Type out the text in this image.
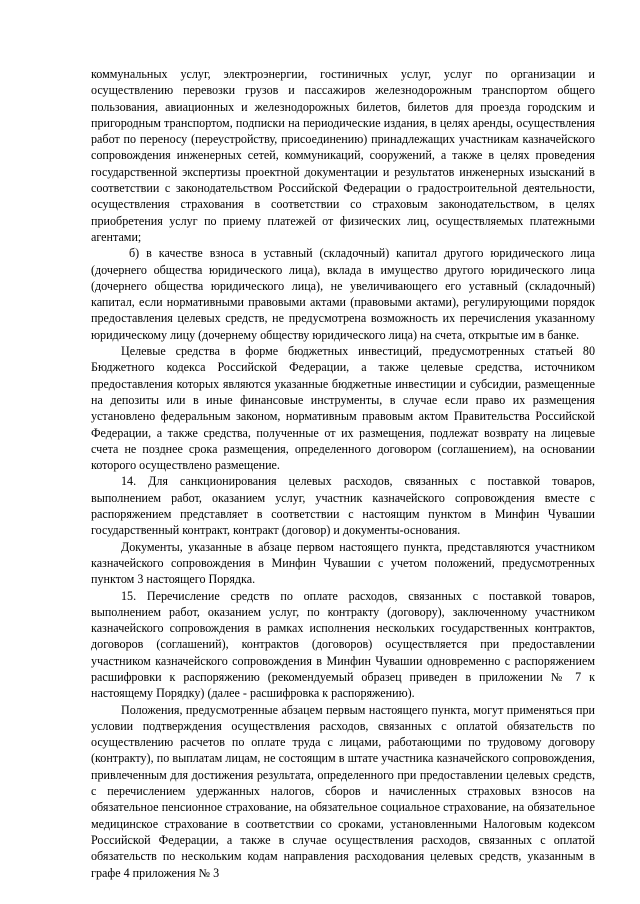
коммунальных услуг, электроэнергии, гостиничных услуг, услуг по организации и осуществлению перевозки грузов и пассажиров железнодорожным транспортом общего пользования, авиационных и железнодорожных билетов, билетов для проезда городским и пригородным транспортом, подписки на периодические издания, в целях аренды, осуществления работ по переносу (переустройству, присоединению) принадлежащих участникам казначейского сопровождения инженерных сетей, коммуникаций, сооружений, а также в целях проведения государственной экспертизы проектной документации и результатов инженерных изысканий в соответствии с законодательством Российской Федерации о градостроительной деятельности, осуществления страхования в соответствии со страховым законодательством, в целях приобретения услуг по приему платежей от физических лиц, осуществляемых платежными агентами;

б) в качестве взноса в уставный (складочный) капитал другого юридического лица (дочернего общества юридического лица), вклада в имущество другого юридического лица (дочернего общества юридического лица), не увеличивающего его уставный (складочный) капитал, если нормативными правовыми актами (правовыми актами), регулирующими порядок предоставления целевых средств, не предусмотрена возможность их перечисления указанному юридическому лицу (дочернему обществу юридического лица) на счета, открытые им в банке.

Целевые средства в форме бюджетных инвестиций, предусмотренных статьей 80 Бюджетного кодекса Российской Федерации, а также целевые средства, источником предоставления которых являются указанные бюджетные инвестиции и субсидии, размещенные на депозиты или в иные финансовые инструменты, в случае если право их размещения установлено федеральным законом, нормативным правовым актом Правительства Российской Федерации, а также средства, полученные от их размещения, подлежат возврату на лицевые счета не позднее срока размещения, определенного договором (соглашением), на основании которого осуществлено размещение.

14. Для санкционирования целевых расходов, связанных с поставкой товаров, выполнением работ, оказанием услуг, участник казначейского сопровождения вместе с распоряжением представляет в соответствии с настоящим пунктом в Минфин Чувашии государственный контракт, контракт (договор) и документы-основания.

Документы, указанные в абзаце первом настоящего пункта, представляются участником казначейского сопровождения в Минфин Чувашии с учетом положений, предусмотренных пунктом 3 настоящего Порядка.

15. Перечисление средств по оплате расходов, связанных с поставкой товаров, выполнением работ, оказанием услуг, по контракту (договору), заключенному участником казначейского сопровождения в рамках исполнения нескольких государственных контрактов, договоров (соглашений), контрактов (договоров) осуществляется при предоставлении участником казначейского сопровождения в Минфин Чувашии одновременно с распоряжением расшифровки к распоряжению (рекомендуемый образец приведен в приложении № 7 к настоящему Порядку) (далее - расшифровка к распоряжению).

Положения, предусмотренные абзацем первым настоящего пункта, могут применяться при условии подтверждения осуществления расходов, связанных с оплатой обязательств по осуществлению расчетов по оплате труда с лицами, работающими по трудовому договору (контракту), по выплатам лицам, не состоящим в штате участника казначейского сопровождения, привлеченным для достижения результата, определенного при предоставлении целевых средств, с перечислением удержанных налогов, сборов и начисленных страховых взносов на обязательное пенсионное страхование, на обязательное социальное страхование, на обязательное медицинское страхование в соответствии со сроками, установленными Налоговым кодексом Российской Федерации, а также в случае осуществления расходов, связанных с оплатой обязательств по нескольким кодам направления расходования целевых средств, указанным в графе 4 приложения № 3
